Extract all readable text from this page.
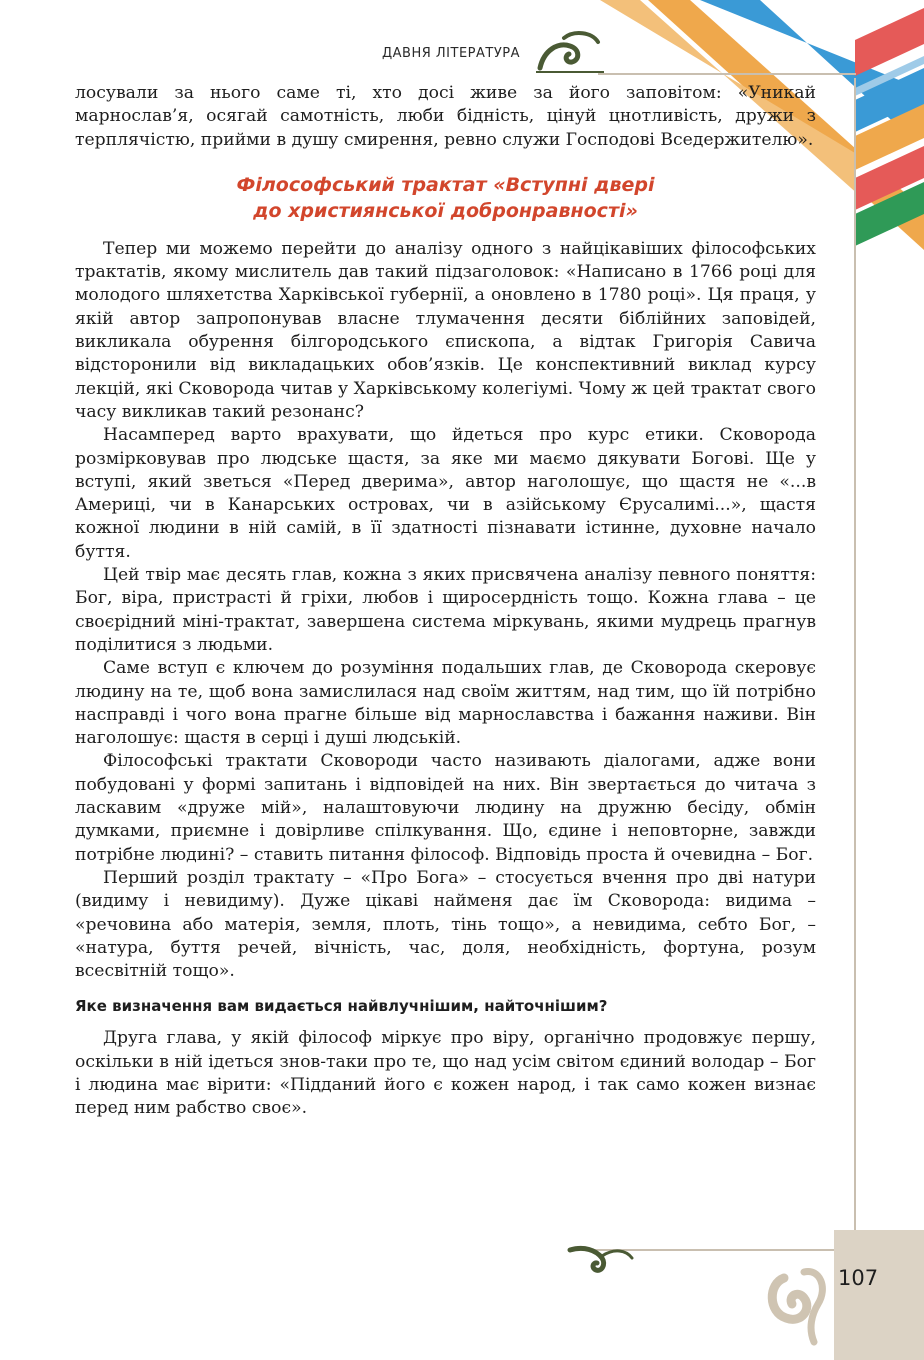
ДАВНЯ ЛІТЕРАТУРА
107

лосували за нього саме ті, хто досі живе за його заповітом: «Уникай марнослав’я, осягай самотність, люби бідність, цінуй цнотливість, дружи з терплячістю, прийми в душу смирення, ревно служи Господові Вседержителю».

Філософський трактат «Вступні двері
до християнської добронравності»

Тепер ми можемо перейти до аналізу одного з найцікавіших філософських трактатів, якому мислитель дав такий підзаголовок: «Написано в 1766 році для молодого шляхетства Харківської губернії, а оновлено в 1780 році». Ця праця, у якій автор запропонував власне тлумачення десяти біблійних заповідей, викликала обурення білгородського єпископа, а відтак Григорія Савича відсторонили від викладацьких обов’язків. Це конспективний виклад курсу лекцій, які Сковорода читав у Харківському колегіумі. Чому ж цей трактат свого часу викликав такий резонанс?

Насамперед варто врахувати, що йдеться про курс етики. Сковорода розмірковував про людське щастя, за яке ми маємо дякувати Богові. Ще у вступі, який зветься «Перед дверима», автор наголошує, що щастя не «...в Америці, чи в Канарських островах, чи в азійському Єрусалимі...», щастя кожної людини в ній самій, в її здатності пізнавати істинне, духовне начало буття.

Цей твір має десять глав, кожна з яких присвячена аналізу певного поняття: Бог, віра, пристрасті й гріхи, любов і щиросердність тощо. Кожна глава – це своєрідний міні-трактат, завершена система міркувань, якими мудрець прагнув поділитися з людьми.

Саме вступ є ключем до розуміння подальших глав, де Сковорода скеровує людину на те, щоб вона замислилася над своїм життям, над тим, що їй потрібно насправді і чого вона прагне більше від марнославства і бажання наживи. Він наголошує: щастя в серці і душі людській.

Філософські трактати Сковороди часто називають діалогами, адже вони побудовані у формі запитань і відповідей на них. Він звертається до читача з ласкавим «друже мій», налаштовуючи людину на дружню бесіду, обмін думками, приємне і довірливе спілкування. Що, єдине і неповторне, завжди потрібне людині? – ставить питання філософ. Відповідь проста й очевидна – Бог.

Перший розділ трактату – «Про Бога» – стосується вчення про дві натури (видиму і невидиму). Дуже цікаві найменя дає їм Сковорода: видима – «речовина або матерія, земля, плоть, тінь тощо», а невидима, себто Бог, – «натура, буття речей, вічність, час, доля, необхідність, фортуна, розум всесвітній тощо».

Яке визначення вам видається найвлучнішим, найточнішим?

Друга глава, у якій філософ міркує про віру, органічно продовжує першу, оскільки в ній ідеться знов-таки про те, що над усім світом єдиний володар – Бог і людина має вірити: «Підданий його є кожен народ, і так само кожен визнає перед ним рабство своє».
